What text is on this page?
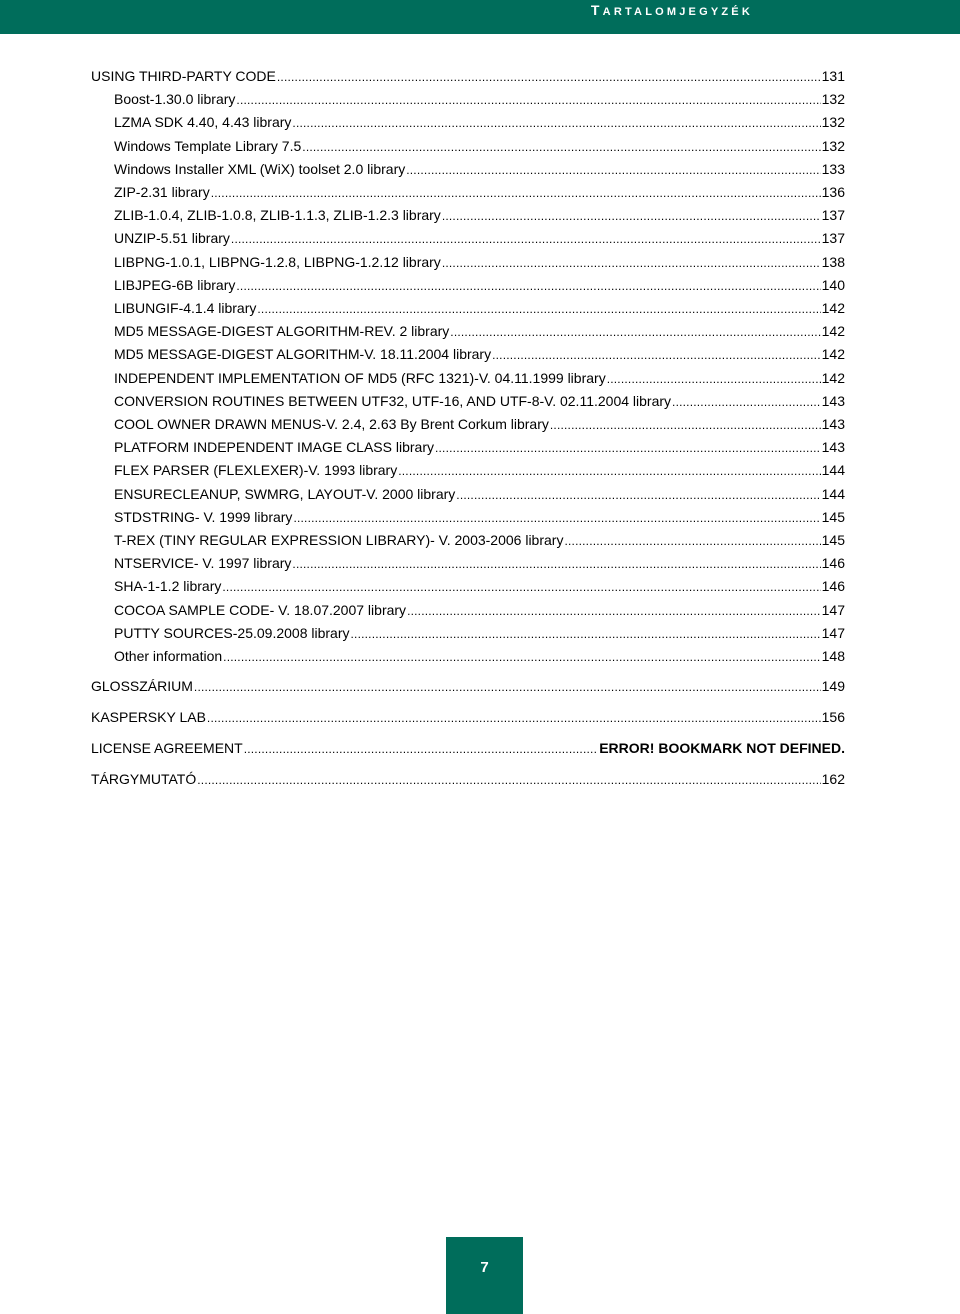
TARTALOMJEGYZÉK
USING THIRD-PARTY CODE .....	131
Boost-1.30.0 library .....	132
LZMA SDK 4.40, 4.43 library .....	132
Windows Template Library 7.5 .....	132
Windows Installer XML (WiX) toolset 2.0 library .....	133
ZIP-2.31 library .....	136
ZLIB-1.0.4, ZLIB-1.0.8, ZLIB-1.1.3, ZLIB-1.2.3 library .....	137
UNZIP-5.51 library .....	137
LIBPNG-1.0.1, LIBPNG-1.2.8, LIBPNG-1.2.12 library .....	138
LIBJPEG-6B library .....	140
LIBUNGIF-4.1.4 library .....	142
MD5 MESSAGE-DIGEST ALGORITHM-REV. 2 library .....	142
MD5 MESSAGE-DIGEST ALGORITHM-V. 18.11.2004 library .....	142
INDEPENDENT IMPLEMENTATION OF MD5 (RFC 1321)-V. 04.11.1999 library .....	142
CONVERSION ROUTINES BETWEEN UTF32, UTF-16, AND UTF-8-V. 02.11.2004 library .....	143
COOL OWNER DRAWN MENUS-V. 2.4, 2.63 By Brent Corkum library .....	143
PLATFORM INDEPENDENT IMAGE CLASS library .....	143
FLEX PARSER (FLEXLEXER)-V. 1993 library .....	144
ENSURECLEANUP, SWMRG, LAYOUT-V. 2000 library .....	144
STDSTRING- V. 1999 library .....	145
T-REX (TINY REGULAR EXPRESSION LIBRARY)- V. 2003-2006 library .....	145
NTSERVICE- V. 1997 library .....	146
SHA-1-1.2 library .....	146
COCOA SAMPLE CODE- V. 18.07.2007 library .....	147
PUTTY SOURCES-25.09.2008 library .....	147
Other information .....	148
GLOSSZÁRIUM .....	149
KASPERSKY LAB .....	156
LICENSE AGREEMENT .....	ERROR! BOOKMARK NOT DEFINED.
TÁRGYMUTATÓ .....	162
7
